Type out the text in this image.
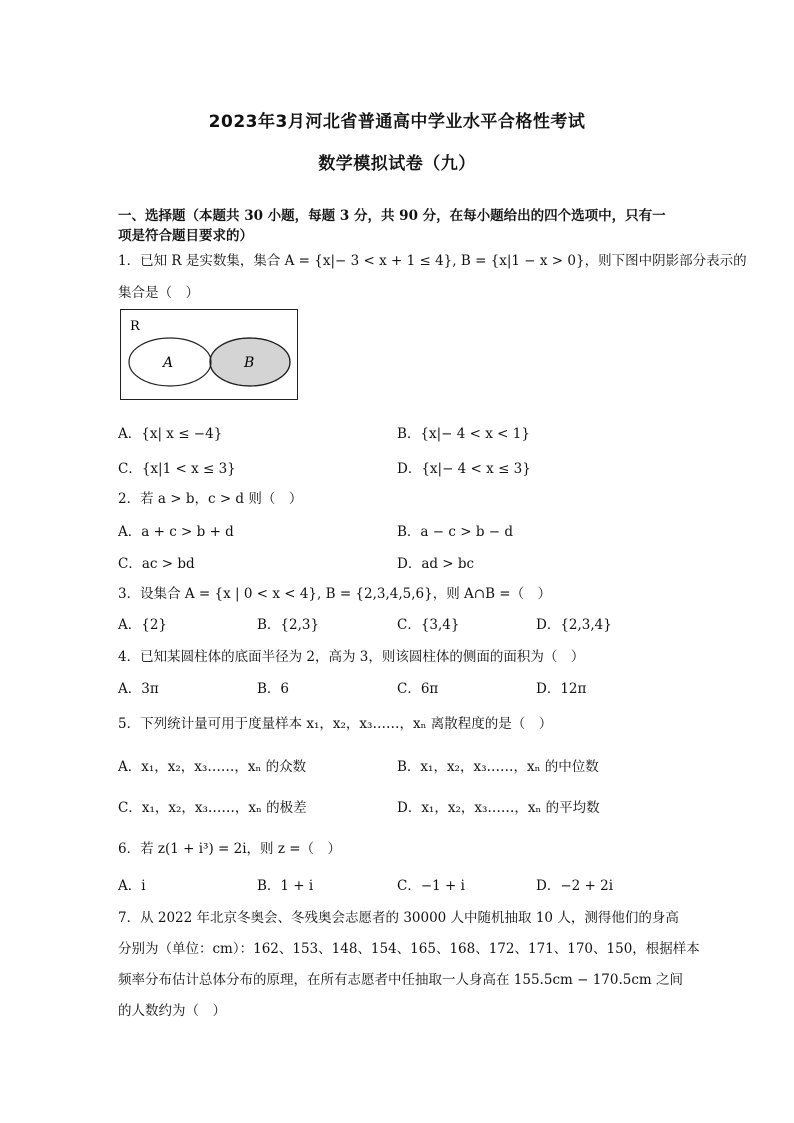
2023年3月河北省普通高中学业水平合格性考试
数学模拟试卷（九）
一、选择题（本题共 30 小题，每题 3 分，共 90 分，在每小题给出的四个选项中，只有一
项是符合题目要求的）
1．已知 R 是实数集，集合 A = {x|− 3 < x + 1 ≤ 4}, B = {x|1 − x > 0}，则下图中阴影部分表示的
集合是（　）
R
A	B
A．{x| x ≤ −4}	B．{x|− 4 < x < 1}
C．{x|1 < x ≤ 3}	D．{x|− 4 < x ≤ 3}
2．若 a > b，c > d 则（　）
A．a + c > b + d	B．a − c > b − d
C．ac > bd	D．ad > bc
3．设集合 A = {x | 0 < x < 4}, B = {2,3,4,5,6}，则 A∩B =（　）
A．{2}	B．{2,3}	C．{3,4}	D．{2,3,4}
4．已知某圆柱体的底面半径为 2，高为 3，则该圆柱体的侧面的面积为（　）
A．3π	B．6	C．6π	D．12π
5．下列统计量可用于度量样本 x₁，x₂，x₃……，xₙ 离散程度的是（　）
A．x₁，x₂，x₃……，xₙ 的众数	B．x₁，x₂，x₃……，xₙ 的中位数
C．x₁，x₂，x₃……，xₙ 的极差	D．x₁，x₂，x₃……，xₙ 的平均数
6．若 z(1 + i³) = 2i，则 z =（　）
A．i	B．1 + i	C．−1 + i	D．−2 + 2i
7．从 2022 年北京冬奥会、冬残奥会志愿者的 30000 人中随机抽取 10 人，测得他们的身高
分别为（单位：cm）：162、153、148、154、165、168、172、171、170、150，根据样本
频率分布估计总体分布的原理，在所有志愿者中任抽取一人身高在 155.5cm − 170.5cm 之间
的人数约为（　）
